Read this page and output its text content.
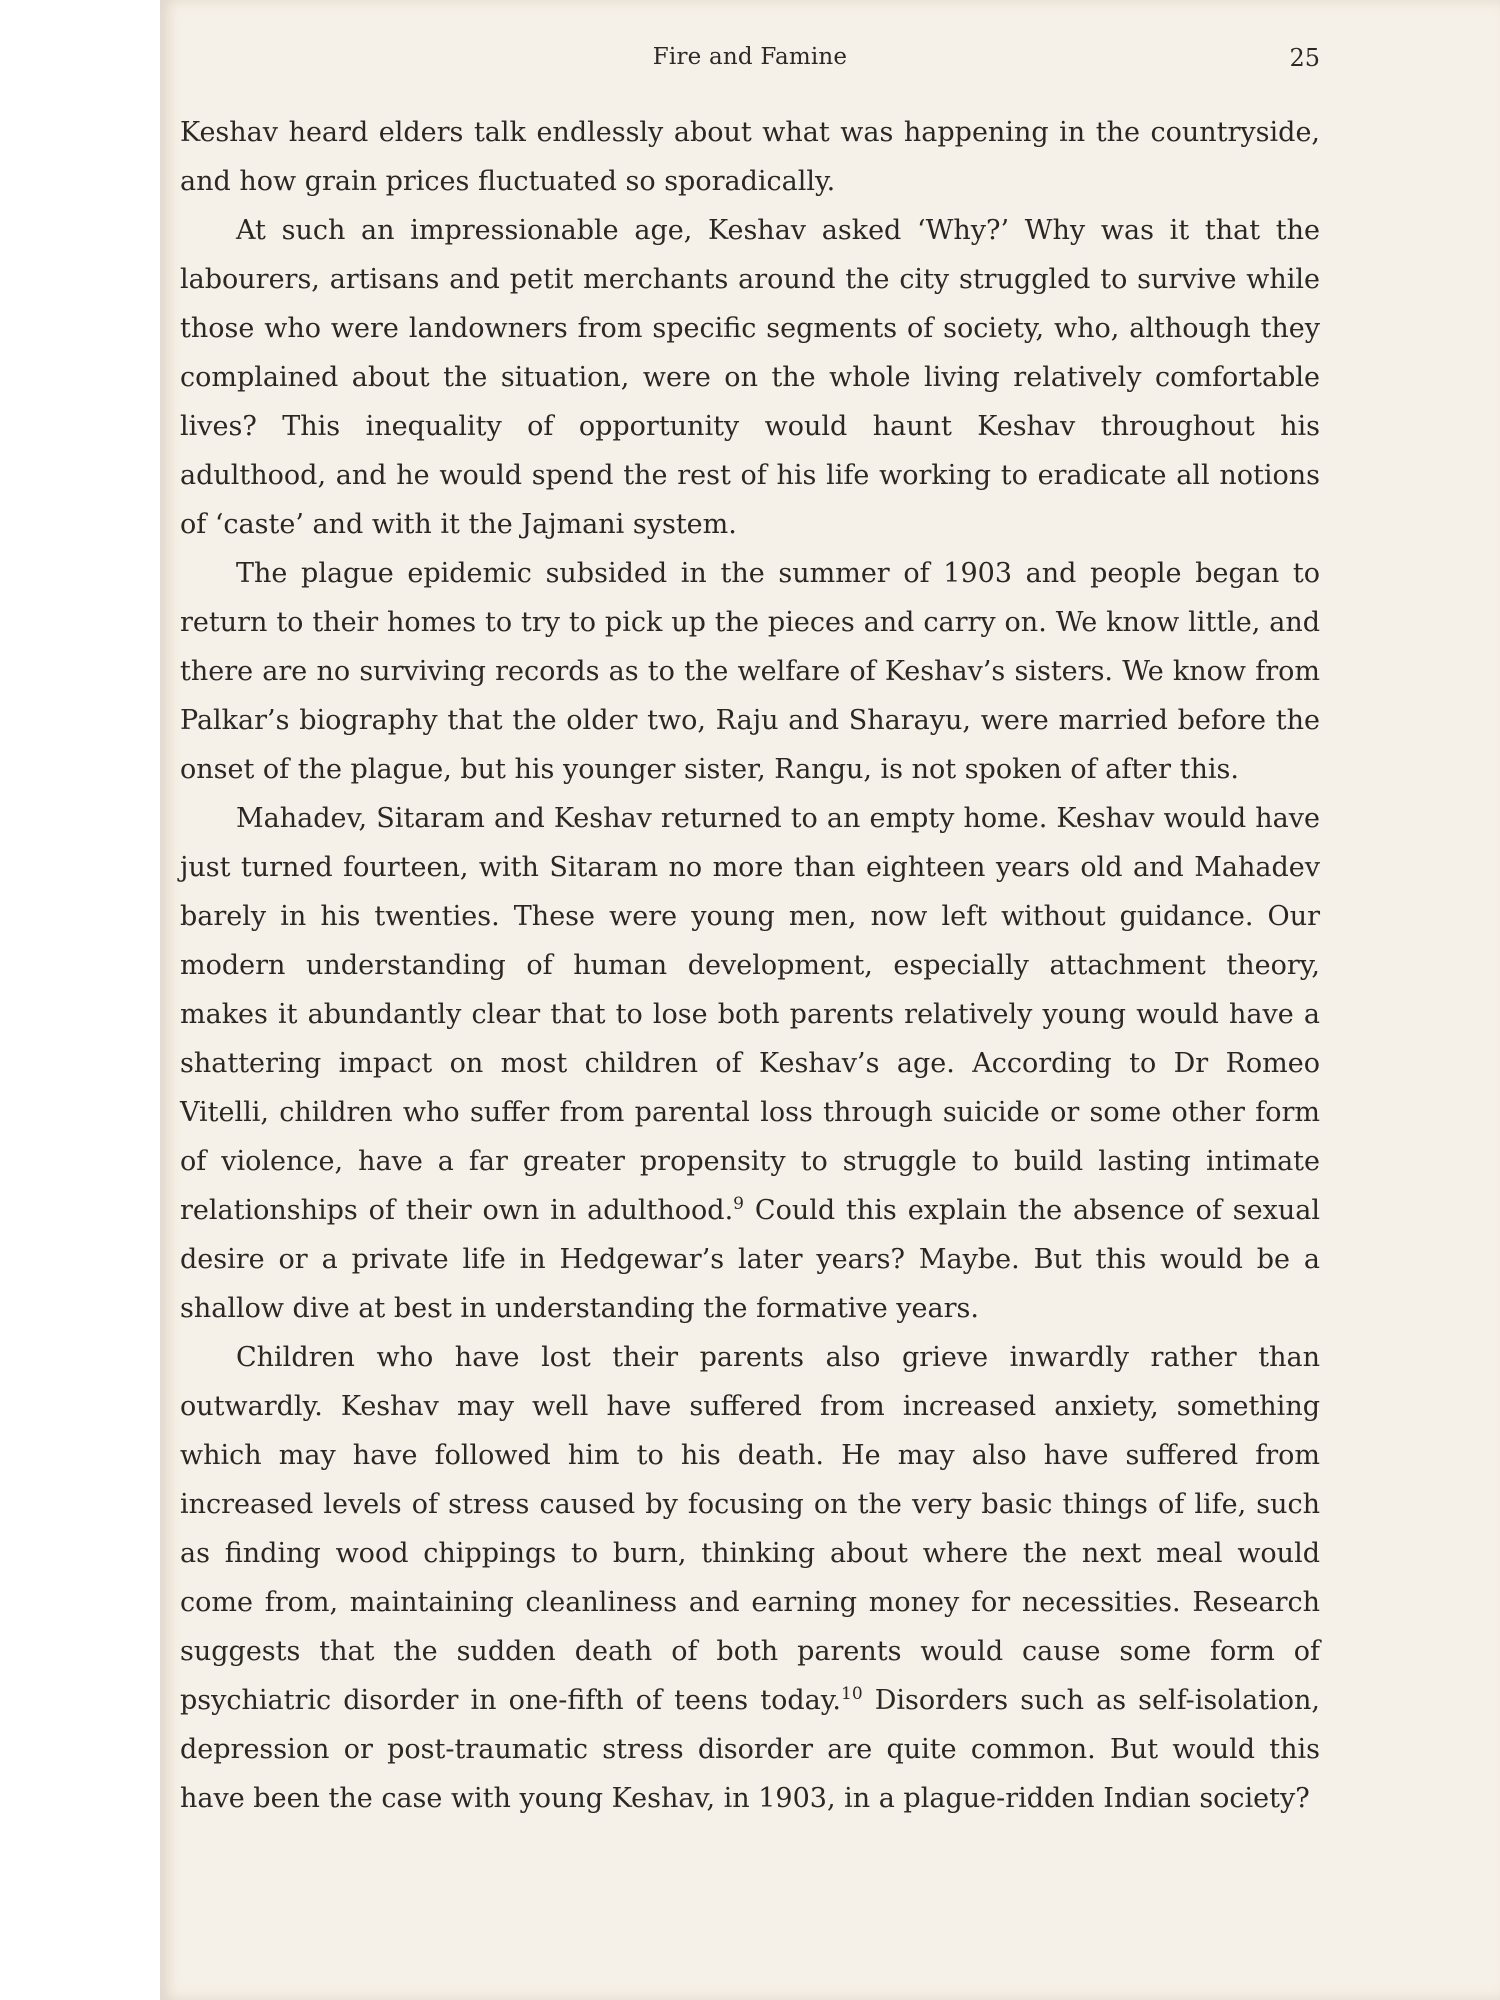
Fire and Famine	25

Keshav heard elders talk endlessly about what was happening in the countryside, and how grain prices fluctuated so sporadically.

At such an impressionable age, Keshav asked ‘Why?’ Why was it that the labourers, artisans and petit merchants around the city struggled to survive while those who were landowners from specific segments of society, who, although they complained about the situation, were on the whole living relatively comfortable lives? This inequality of opportunity would haunt Keshav throughout his adulthood, and he would spend the rest of his life working to eradicate all notions of ‘caste’ and with it the Jajmani system.

The plague epidemic subsided in the summer of 1903 and people began to return to their homes to try to pick up the pieces and carry on. We know little, and there are no surviving records as to the welfare of Keshav’s sisters. We know from Palkar’s biography that the older two, Raju and Sharayu, were married before the onset of the plague, but his younger sister, Rangu, is not spoken of after this.

Mahadev, Sitaram and Keshav returned to an empty home. Keshav would have just turned fourteen, with Sitaram no more than eighteen years old and Mahadev barely in his twenties. These were young men, now left without guidance. Our modern understanding of human development, especially attachment theory, makes it abundantly clear that to lose both parents relatively young would have a shattering impact on most children of Keshav’s age. According to Dr Romeo Vitelli, children who suffer from parental loss through suicide or some other form of violence, have a far greater propensity to struggle to build lasting intimate relationships of their own in adulthood.$^9$ Could this explain the absence of sexual desire or a private life in Hedgewar’s later years? Maybe. But this would be a shallow dive at best in understanding the formative years.

Children who have lost their parents also grieve inwardly rather than outwardly. Keshav may well have suffered from increased anxiety, something which may have followed him to his death. He may also have suffered from increased levels of stress caused by focusing on the very basic things of life, such as finding wood chippings to burn, thinking about where the next meal would come from, maintaining cleanliness and earning money for necessities. Research suggests that the sudden death of both parents would cause some form of psychiatric disorder in one-fifth of teens today.$^{10}$ Disorders such as self-isolation, depression or post-traumatic stress disorder are quite common. But would this have been the case with young Keshav, in 1903, in a plague-ridden Indian society?
